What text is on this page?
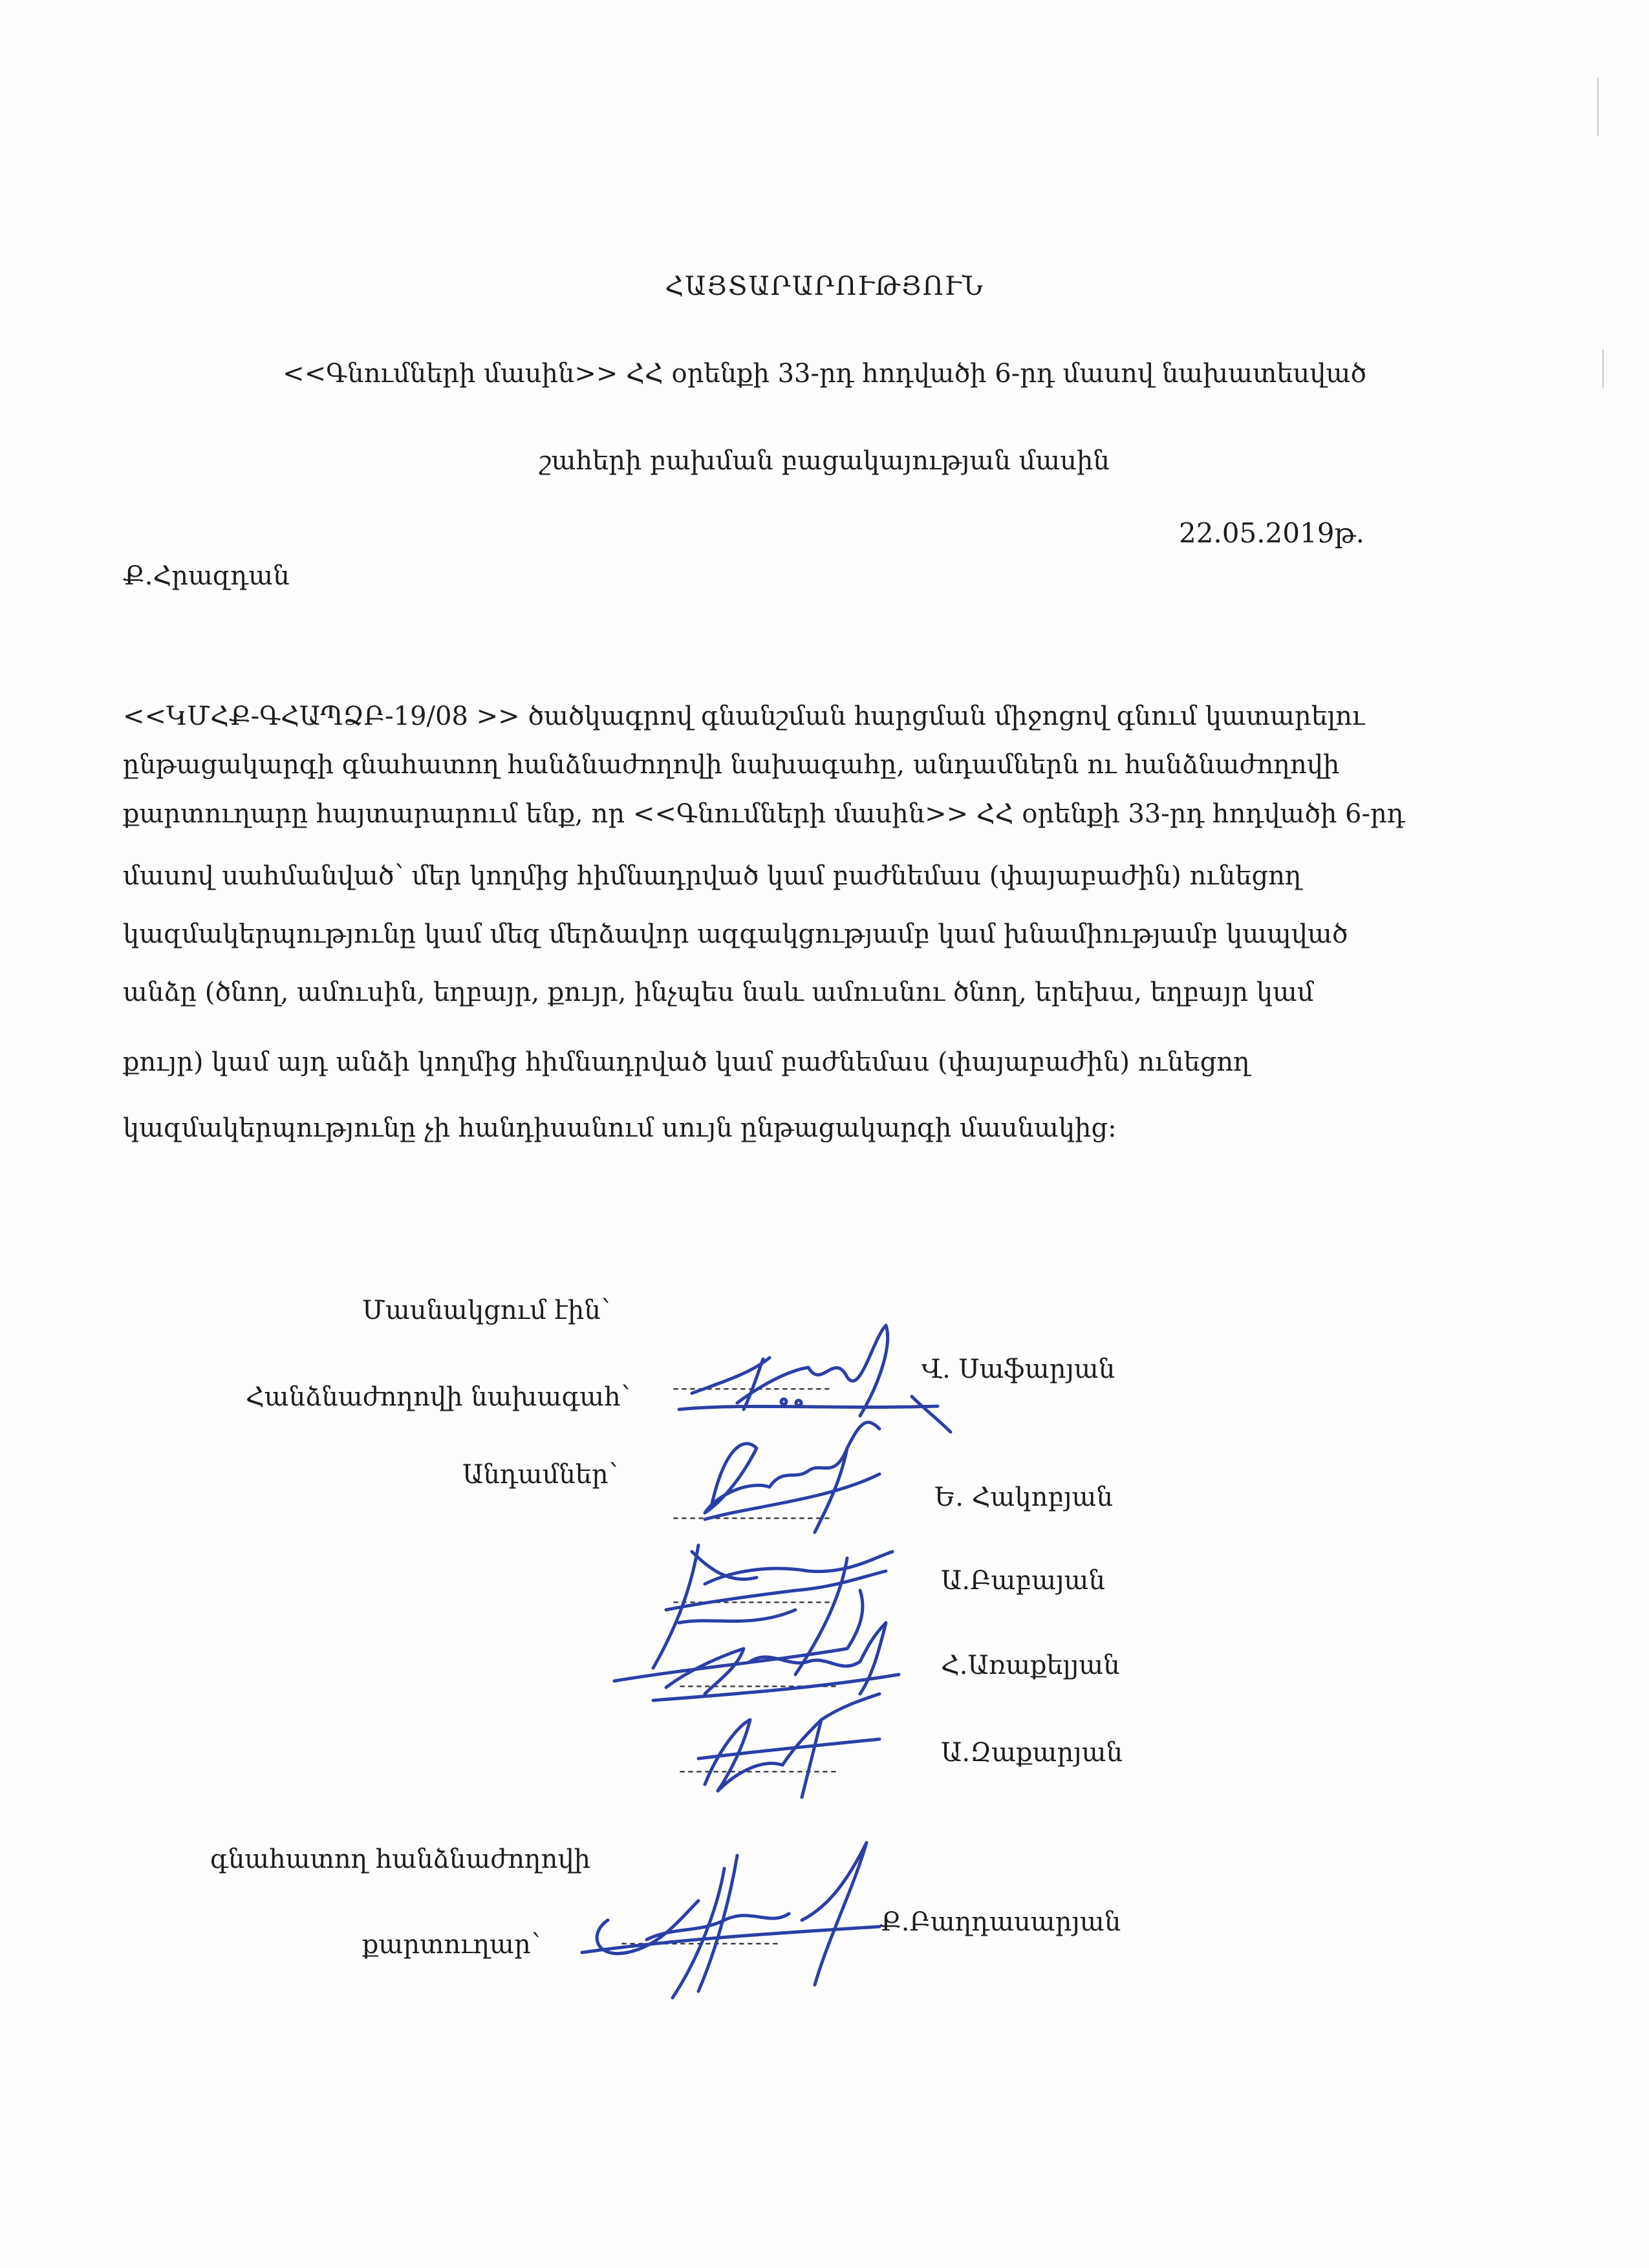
ՀԱՅՏԱՐԱՐՈՒԹՅՈՒՆ
<<Գնումների մասին>> ՀՀ օրենքի 33-րդ հոդվածի 6-րդ մասով նախատեսված
շահերի բախման բացակայության մասին
22.05.2019թ.
Ք.Հրազդան
<<ԿՄՀՔ-ԳՀԱՊՁԲ-19/08 >> ծածկագրով գնանշման հարցման միջոցով գնում կատարելու
ընթացակարգի գնահատող հանձնաժողովի նախագահը, անդամներն ու հանձնաժողովի
քարտուղարը հայտարարում ենք, որ <<Գնումների մասին>> ՀՀ օրենքի 33-րդ հոդվածի 6-րդ
մասով սահմանված՝ մեր կողմից հիմնադրված կամ բաժնեմաս (փայաբաժին) ունեցող
կազմակերպությունը կամ մեզ մերձավոր ազգակցությամբ կամ խնամիությամբ կապված
անձը (ծնող, ամուսին, եղբայր, քույր, ինչպես նաև ամուսնու ծնող, երեխա, եղբայր կամ
քույր) կամ այդ անձի կողմից հիմնադրված կամ բաժնեմաս (փայաբաժին) ունեցող
կազմակերպությունը չի հանդիսանում սույն ընթացակարգի մասնակից:
Մասնակցում էին՝
Հանձնաժողովի նախագահ՝ -------------------
Վ. Սաֆարյան
Անդամներ՝
-------------------
Ե. Հակոբյան
-------------------
Ա.Բաբայան
-------------------
Հ.Առաքելյան
-------------------
Ա.Զաքարյան
գնահատող հանձնաժողովի
քարտուղար՝	-------------------
Ք.Բաղդասարյան
